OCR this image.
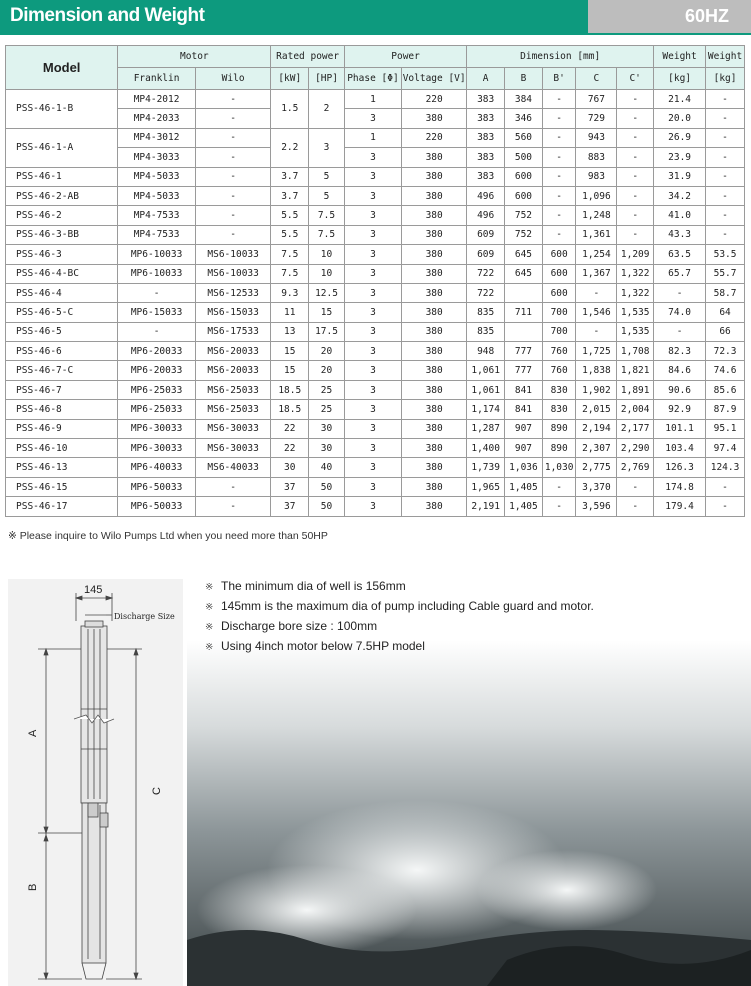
Dimension and Weight	60HZ
Model	Motor		Rated power		Power		Dimension [mm]					Weight	Weight
	Franklin	Wilo	[kW]	[HP]	Phase [Φ]	Voltage [V]	A	B	B'	C	C'	[kg]	[kg]
PSS-46-1-B	MP4-2012	-	1.5	2	1	220	383	384	-	767	-	21.4	-
	MP4-2033	-			3	380	383	346	-	729	-	20.0	-
PSS-46-1-A	MP4-3012	-	2.2	3	1	220	383	560	-	943	-	26.9	-
	MP4-3033	-			3	380	383	500	-	883	-	23.9	-
PSS-46-1	MP4-5033	-	3.7	5	3	380	383	600	-	983	-	31.9	-
PSS-46-2-AB	MP4-5033	-	3.7	5	3	380	496	600	-	1,096	-	34.2	-
PSS-46-2	MP4-7533	-	5.5	7.5	3	380	496	752	-	1,248	-	41.0	-
PSS-46-3-BB	MP4-7533	-	5.5	7.5	3	380	609	752	-	1,361	-	43.3	-
PSS-46-3	MP6-10033	MS6-10033	7.5	10	3	380	609	645	600	1,254	1,209	63.5	53.5
PSS-46-4-BC	MP6-10033	MS6-10033	7.5	10	3	380	722	645	600	1,367	1,322	65.7	55.7
PSS-46-4	-	MS6-12533	9.3	12.5	3	380	722		600	-	1,322	-	58.7
PSS-46-5-C	MP6-15033	MS6-15033	11	15	3	380	835	711	700	1,546	1,535	74.0	64
PSS-46-5	-	MS6-17533	13	17.5	3	380	835		700	-	1,535	-	66
PSS-46-6	MP6-20033	MS6-20033	15	20	3	380	948	777	760	1,725	1,708	82.3	72.3
PSS-46-7-C	MP6-20033	MS6-20033	15	20	3	380	1,061	777	760	1,838	1,821	84.6	74.6
PSS-46-7	MP6-25033	MS6-25033	18.5	25	3	380	1,061	841	830	1,902	1,891	90.6	85.6
PSS-46-8	MP6-25033	MS6-25033	18.5	25	3	380	1,174	841	830	2,015	2,004	92.9	87.9
PSS-46-9	MP6-30033	MS6-30033	22	30	3	380	1,287	907	890	2,194	2,177	101.1	95.1
PSS-46-10	MP6-30033	MS6-30033	22	30	3	380	1,400	907	890	2,307	2,290	103.4	97.4
PSS-46-13	MP6-40033	MS6-40033	30	40	3	380	1,739	1,036	1,030	2,775	2,769	126.3	124.3
PSS-46-15	MP6-50033	-	37	50	3	380	1,965	1,405	-	3,370	-	174.8	-
PSS-46-17	MP6-50033	-	37	50	3	380	2,191	1,405	-	3,596	-	179.4	-
※ Please inquire to Wilo Pumps Ltd when you need more than 50HP
145
Discharge Size
A
B
C
※ The minimum dia of well is 156mm
※ 145mm is the maximum dia of pump including Cable guard and motor.
※ Discharge bore size : 100mm
※ Using 4inch motor below 7.5HP model
